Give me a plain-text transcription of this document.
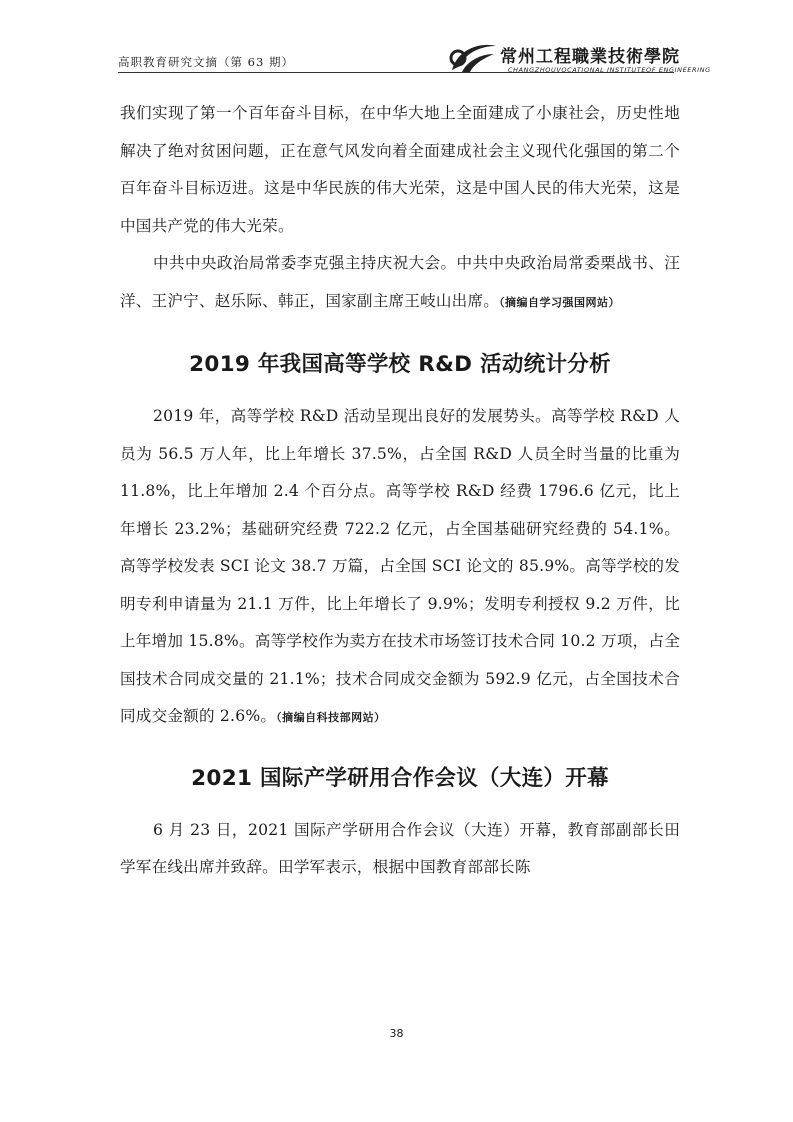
高职教育研究文摘（第 63 期）	常州工程職業技術學院
CHANGZHOUVOCATIONAL INSTITUTEOF ENGINEERING

我们实现了第一个百年奋斗目标，在中华大地上全面建成了小康社会，历史性地解决了绝对贫困问题，正在意气风发向着全面建成社会主义现代化强国的第二个百年奋斗目标迈进。这是中华民族的伟大光荣，这是中国人民的伟大光荣，这是中国共产党的伟大光荣。

中共中央政治局常委李克强主持庆祝大会。中共中央政治局常委栗战书、汪洋、王沪宁、赵乐际、韩正，国家副主席王岐山出席。（摘编自学习强国网站）

2019 年我国高等学校 R&D 活动统计分析

2019 年，高等学校 R&D 活动呈现出良好的发展势头。高等学校 R&D 人员为 56.5 万人年，比上年增长 37.5%，占全国 R&D 人员全时当量的比重为 11.8%，比上年增加 2.4 个百分点。高等学校 R&D 经费 1796.6 亿元，比上年增长 23.2%；基础研究经费 722.2 亿元，占全国基础研究经费的 54.1%。高等学校发表 SCI 论文 38.7 万篇，占全国 SCI 论文的 85.9%。高等学校的发明专利申请量为 21.1 万件，比上年增长了 9.9%；发明专利授权 9.2 万件，比上年增加 15.8%。高等学校作为卖方在技术市场签订技术合同 10.2 万项，占全国技术合同成交量的 21.1%；技术合同成交金额为 592.9 亿元，占全国技术合同成交金额的 2.6%。（摘编自科技部网站）

2021 国际产学研用合作会议（大连）开幕

6 月 23 日，2021 国际产学研用合作会议（大连）开幕，教育部副部长田学军在线出席并致辞。田学军表示，根据中国教育部部长陈

38
